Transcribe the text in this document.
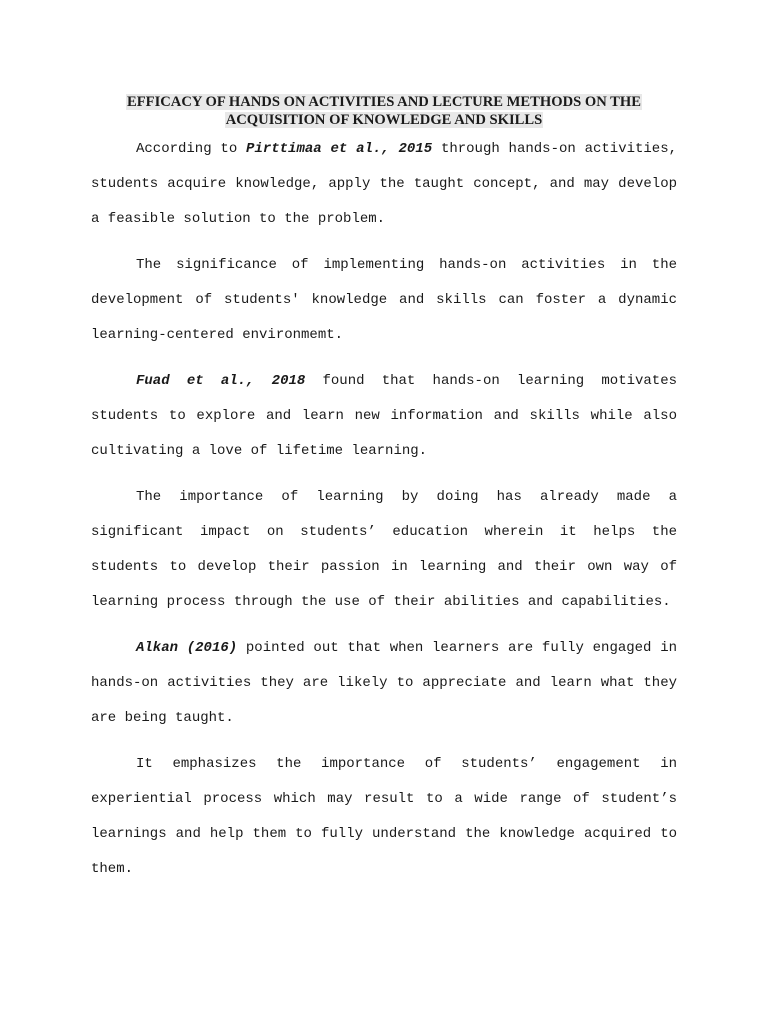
EFFICACY OF HANDS ON ACTIVITIES AND LECTURE METHODS ON THE
ACQUISITION OF KNOWLEDGE AND SKILLS

According to Pirttimaa et al., 2015 through hands-on activities, students acquire knowledge, apply the taught concept, and may develop a feasible solution to the problem.

The significance of implementing hands-on activities in the development of students' knowledge and skills can foster a dynamic learning-centered environmemt.

Fuad et al., 2018 found that hands-on learning motivates students to explore and learn new information and skills while also cultivating a love of lifetime learning.

The importance of learning by doing has already made a significant impact on students’ education wherein it helps the students to develop their passion in learning and their own way of learning process through the use of their abilities and capabilities.

Alkan (2016) pointed out that when learners are fully engaged in hands-on activities they are likely to appreciate and learn what they are being taught.

It emphasizes the importance of students’ engagement in experiential process which may result to a wide range of student’s learnings and help them to fully understand the knowledge acquired to them.
